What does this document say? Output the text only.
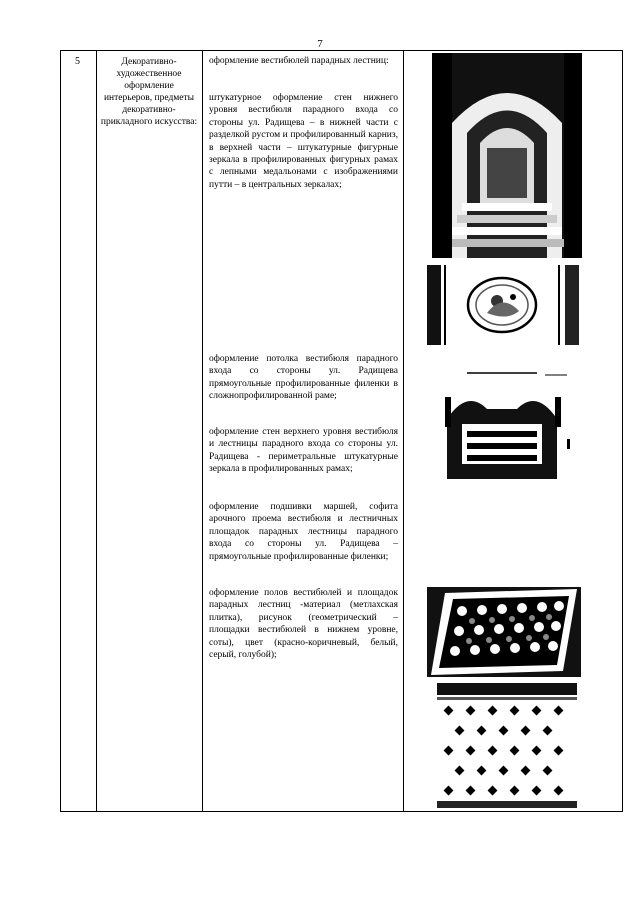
7
5	Декоративно-художественное оформление интерьеров, предметы декоративно-прикладного искусства:
оформление вестибюлей парадных лестниц:
штукатурное оформление стен нижнего уровня вестибюля парадного входа со стороны ул. Радищева – в нижней части с разделкой рустом и профилированный карниз, в верхней части – штукатурные фигурные зеркала в профилированных фигурных рамах с лепными медальонами с изображениями путти – в центральных зеркалах;
оформление потолка вестибюля парадного входа со стороны ул. Радищева прямоугольные профилированные филенки в сложнопрофилированной раме;
оформление стен верхнего уровня вестибюля и лестницы парадного входа со стороны ул. Радищева - периметральные штукатурные зеркала в профилированных рамах;
оформление подшивки маршей, софита арочного проема вестибюля и лестничных площадок парадных лестницы парадного входа со стороны ул. Радищева – прямоугольные профилированные филенки;
оформление полов вестибюлей и площадок парадных лестниц -материал (метлахская плитка), рисунок (геометрический – площадки вестибюлей в нижнем уровне, соты), цвет (красно-коричневый, белый, серый, голубой);
